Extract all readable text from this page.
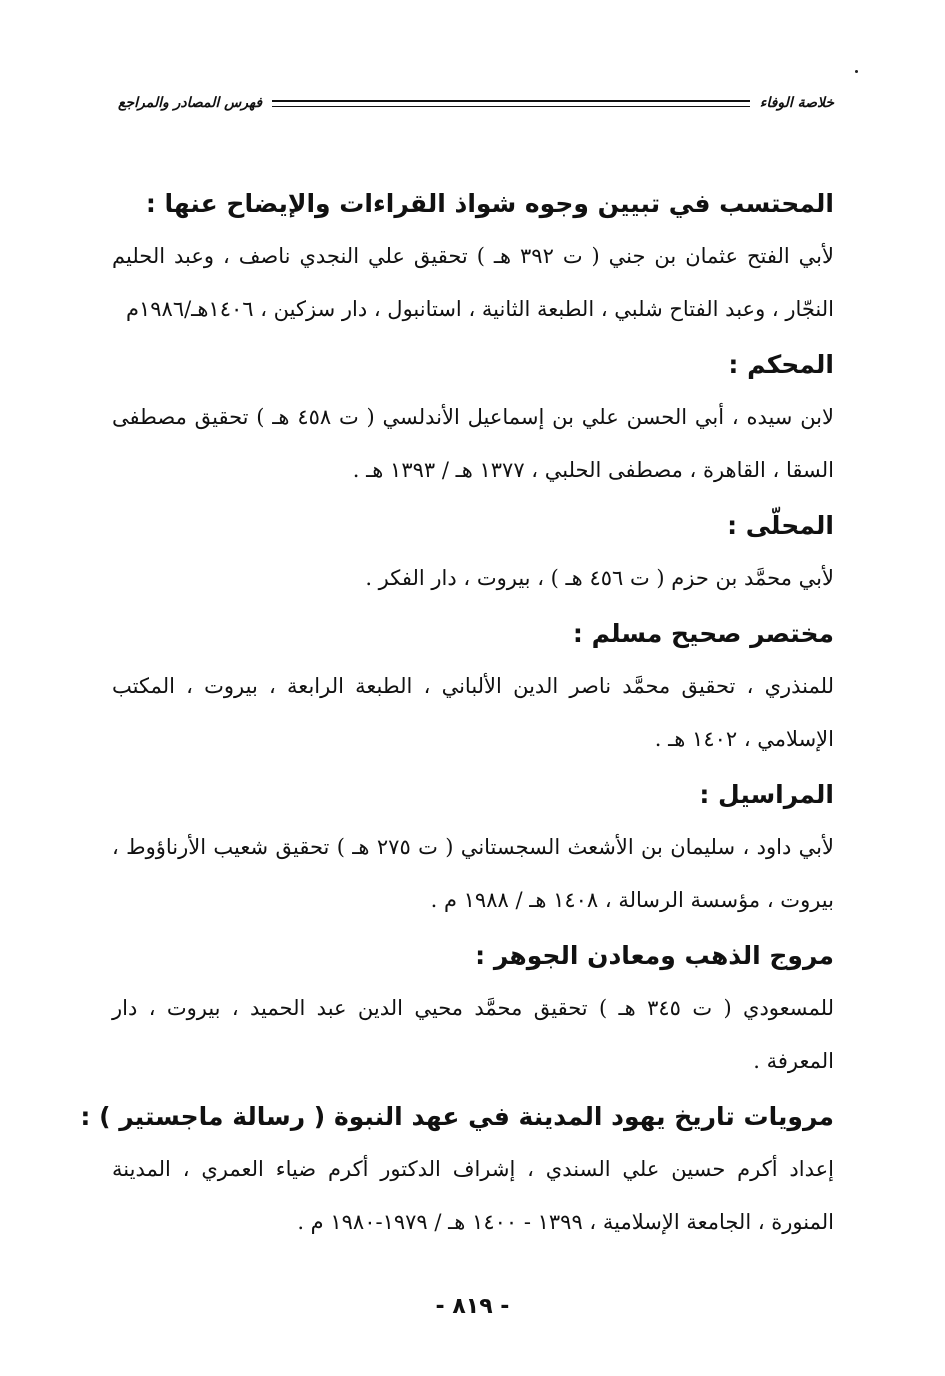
خلاصة الوفاء
فهرس المصادر والمراجع

المحتسب في تبيين وجوه شواذ القراءات والإيضاح عنها :

لأبي الفتح عثمان بن جني ( ت ٣٩٢ هـ ) تحقيق علي النجدي ناصف ، وعبد الحليم النجّار ، وعبد الفتاح شلبي ، الطبعة الثانية ، استانبول ، دار سزكين ، ١٤٠٦هـ/١٩٨٦م

المحكم :

لابن سيده ، أبي الحسن علي بن إسماعيل الأندلسي ( ت ٤٥٨ هـ ) تحقيق مصطفى السقا ، القاهرة ، مصطفى الحلبي ، ١٣٧٧ هـ / ١٣٩٣ هـ .

المحلّى :

لأبي محمَّد بن حزم ( ت ٤٥٦ هـ ) ، بيروت ، دار الفكر .

مختصر صحيح مسلم :

للمنذري ، تحقيق محمَّد ناصر الدين الألباني ، الطبعة الرابعة ، بيروت ، المكتب الإسلامي ، ١٤٠٢ هـ .

المراسيل :

لأبي داود ، سليمان بن الأشعث السجستاني ( ت ٢٧٥ هـ ) تحقيق شعيب الأرناؤوط ، بيروت ، مؤسسة الرسالة ، ١٤٠٨ هـ / ١٩٨٨ م .

مروج الذهب ومعادن الجوهر :

للمسعودي ( ت ٣٤٥ هـ ) تحقيق محمَّد محيي الدين عبد الحميد ، بيروت ، دار المعرفة .

مرويات تاريخ يهود المدينة في عهد النبوة ( رسالة ماجستير ) :

إعداد أكرم حسين علي السندي ، إشراف الدكتور أكرم ضياء العمري ، المدينة المنورة ، الجامعة الإسلامية ، ١٣٩٩ - ١٤٠٠ هـ / ١٩٧٩-١٩٨٠ م .

- ٨١٩ -
